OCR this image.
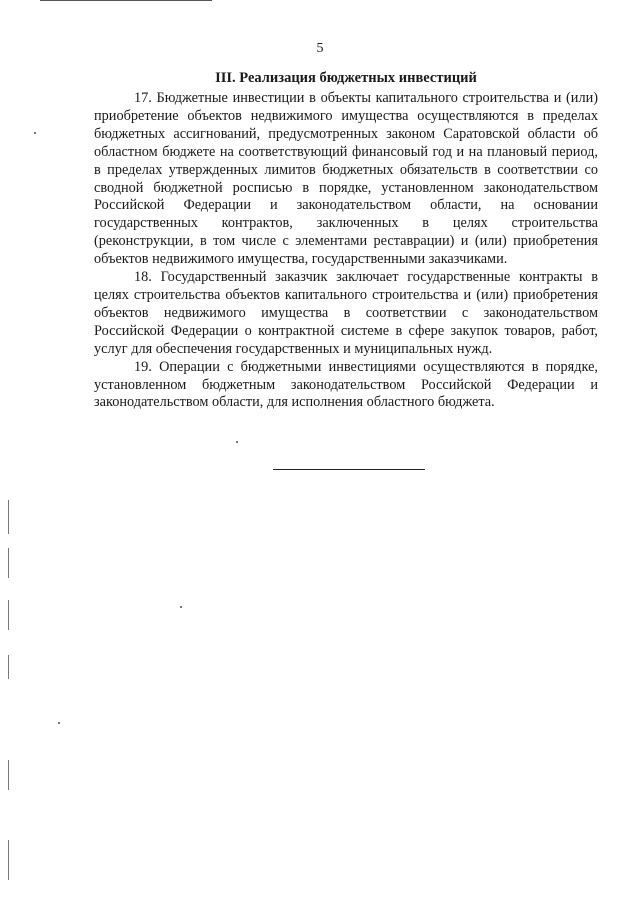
5
III. Реализация бюджетных инвестиций

17. Бюджетные инвестиции в объекты капитального строительства и (или) приобретение объектов недвижимого имущества осуществляются в пределах бюджетных ассигнований, предусмотренных законом Саратовской области об областном бюджете на соответствующий финансовый год и на плановый период, в пределах утвержденных лимитов бюджетных обязательств в соответствии со сводной бюджетной росписью в порядке, установленном законодательством Российской Федерации и законодательством области, на основании государственных контрактов, заключенных в целях строительства (реконструкции, в том числе с элементами реставрации) и (или) приобретения объектов недвижимого имущества, государственными заказчиками.

18. Государственный заказчик заключает государственные контракты в целях строительства объектов капитального строительства и (или) приобретения объектов недвижимого имущества в соответствии с законодательством Российской Федерации о контрактной системе в сфере закупок товаров, работ, услуг для обеспечения государственных и муниципальных нужд.

19. Операции с бюджетными инвестициями осуществляются в порядке, установленном бюджетным законодательством Российской Федерации и законодательством области, для исполнения областного бюджета.
